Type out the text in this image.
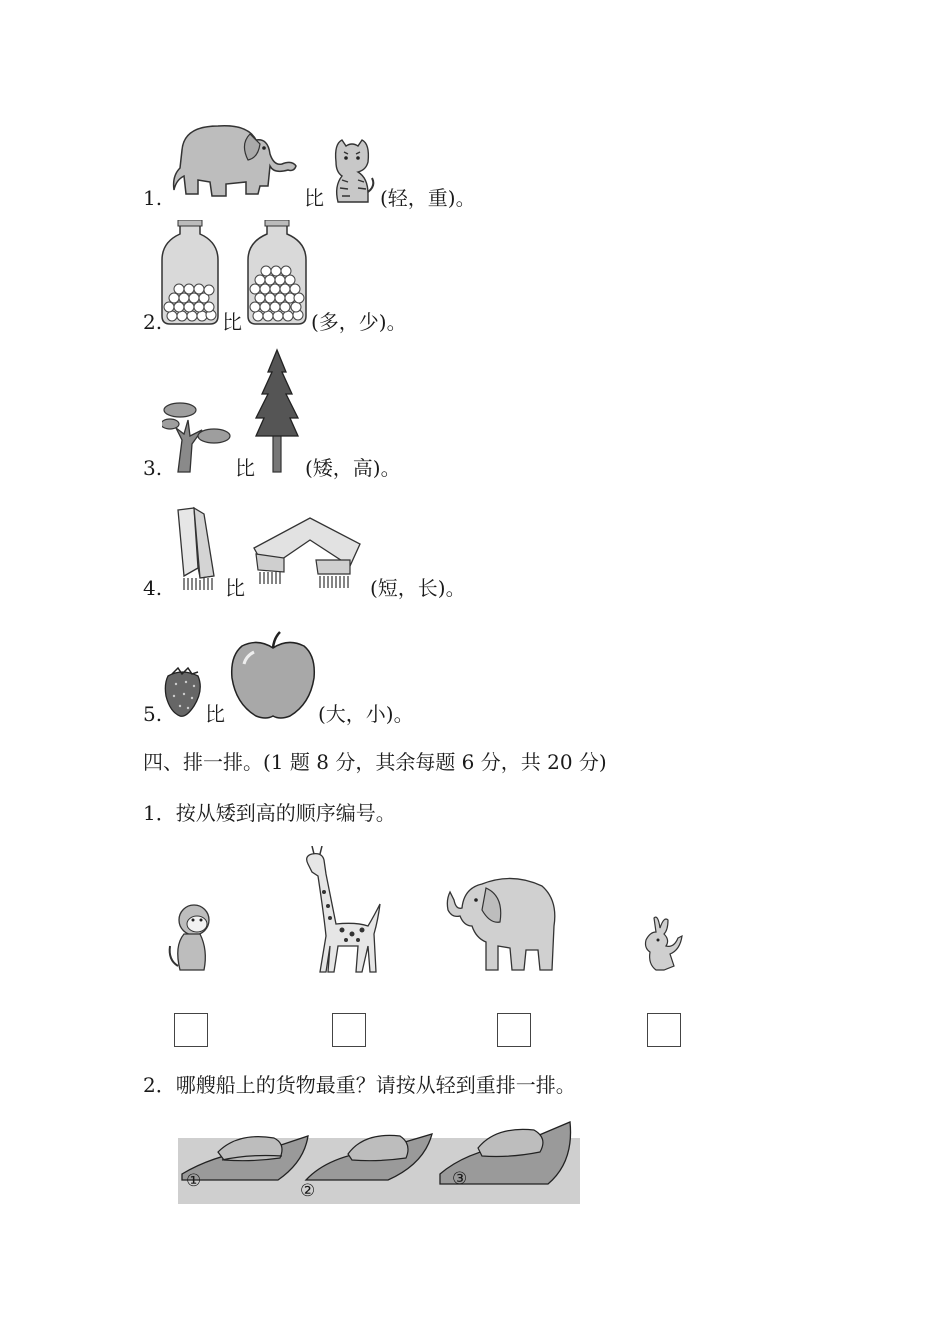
1.	比	(轻，重)。
2.	比	(多，少)。
3.	比	(矮，高)。
4.	比	(短，长)。
5. 比	(大，小)。
四、排一排。(1 题 8 分，其余每题 6 分，共 20 分)
1．按从矮到高的顺序编号。
2．哪艘船上的货物最重？请按从轻到重排一排。
①	②
③
